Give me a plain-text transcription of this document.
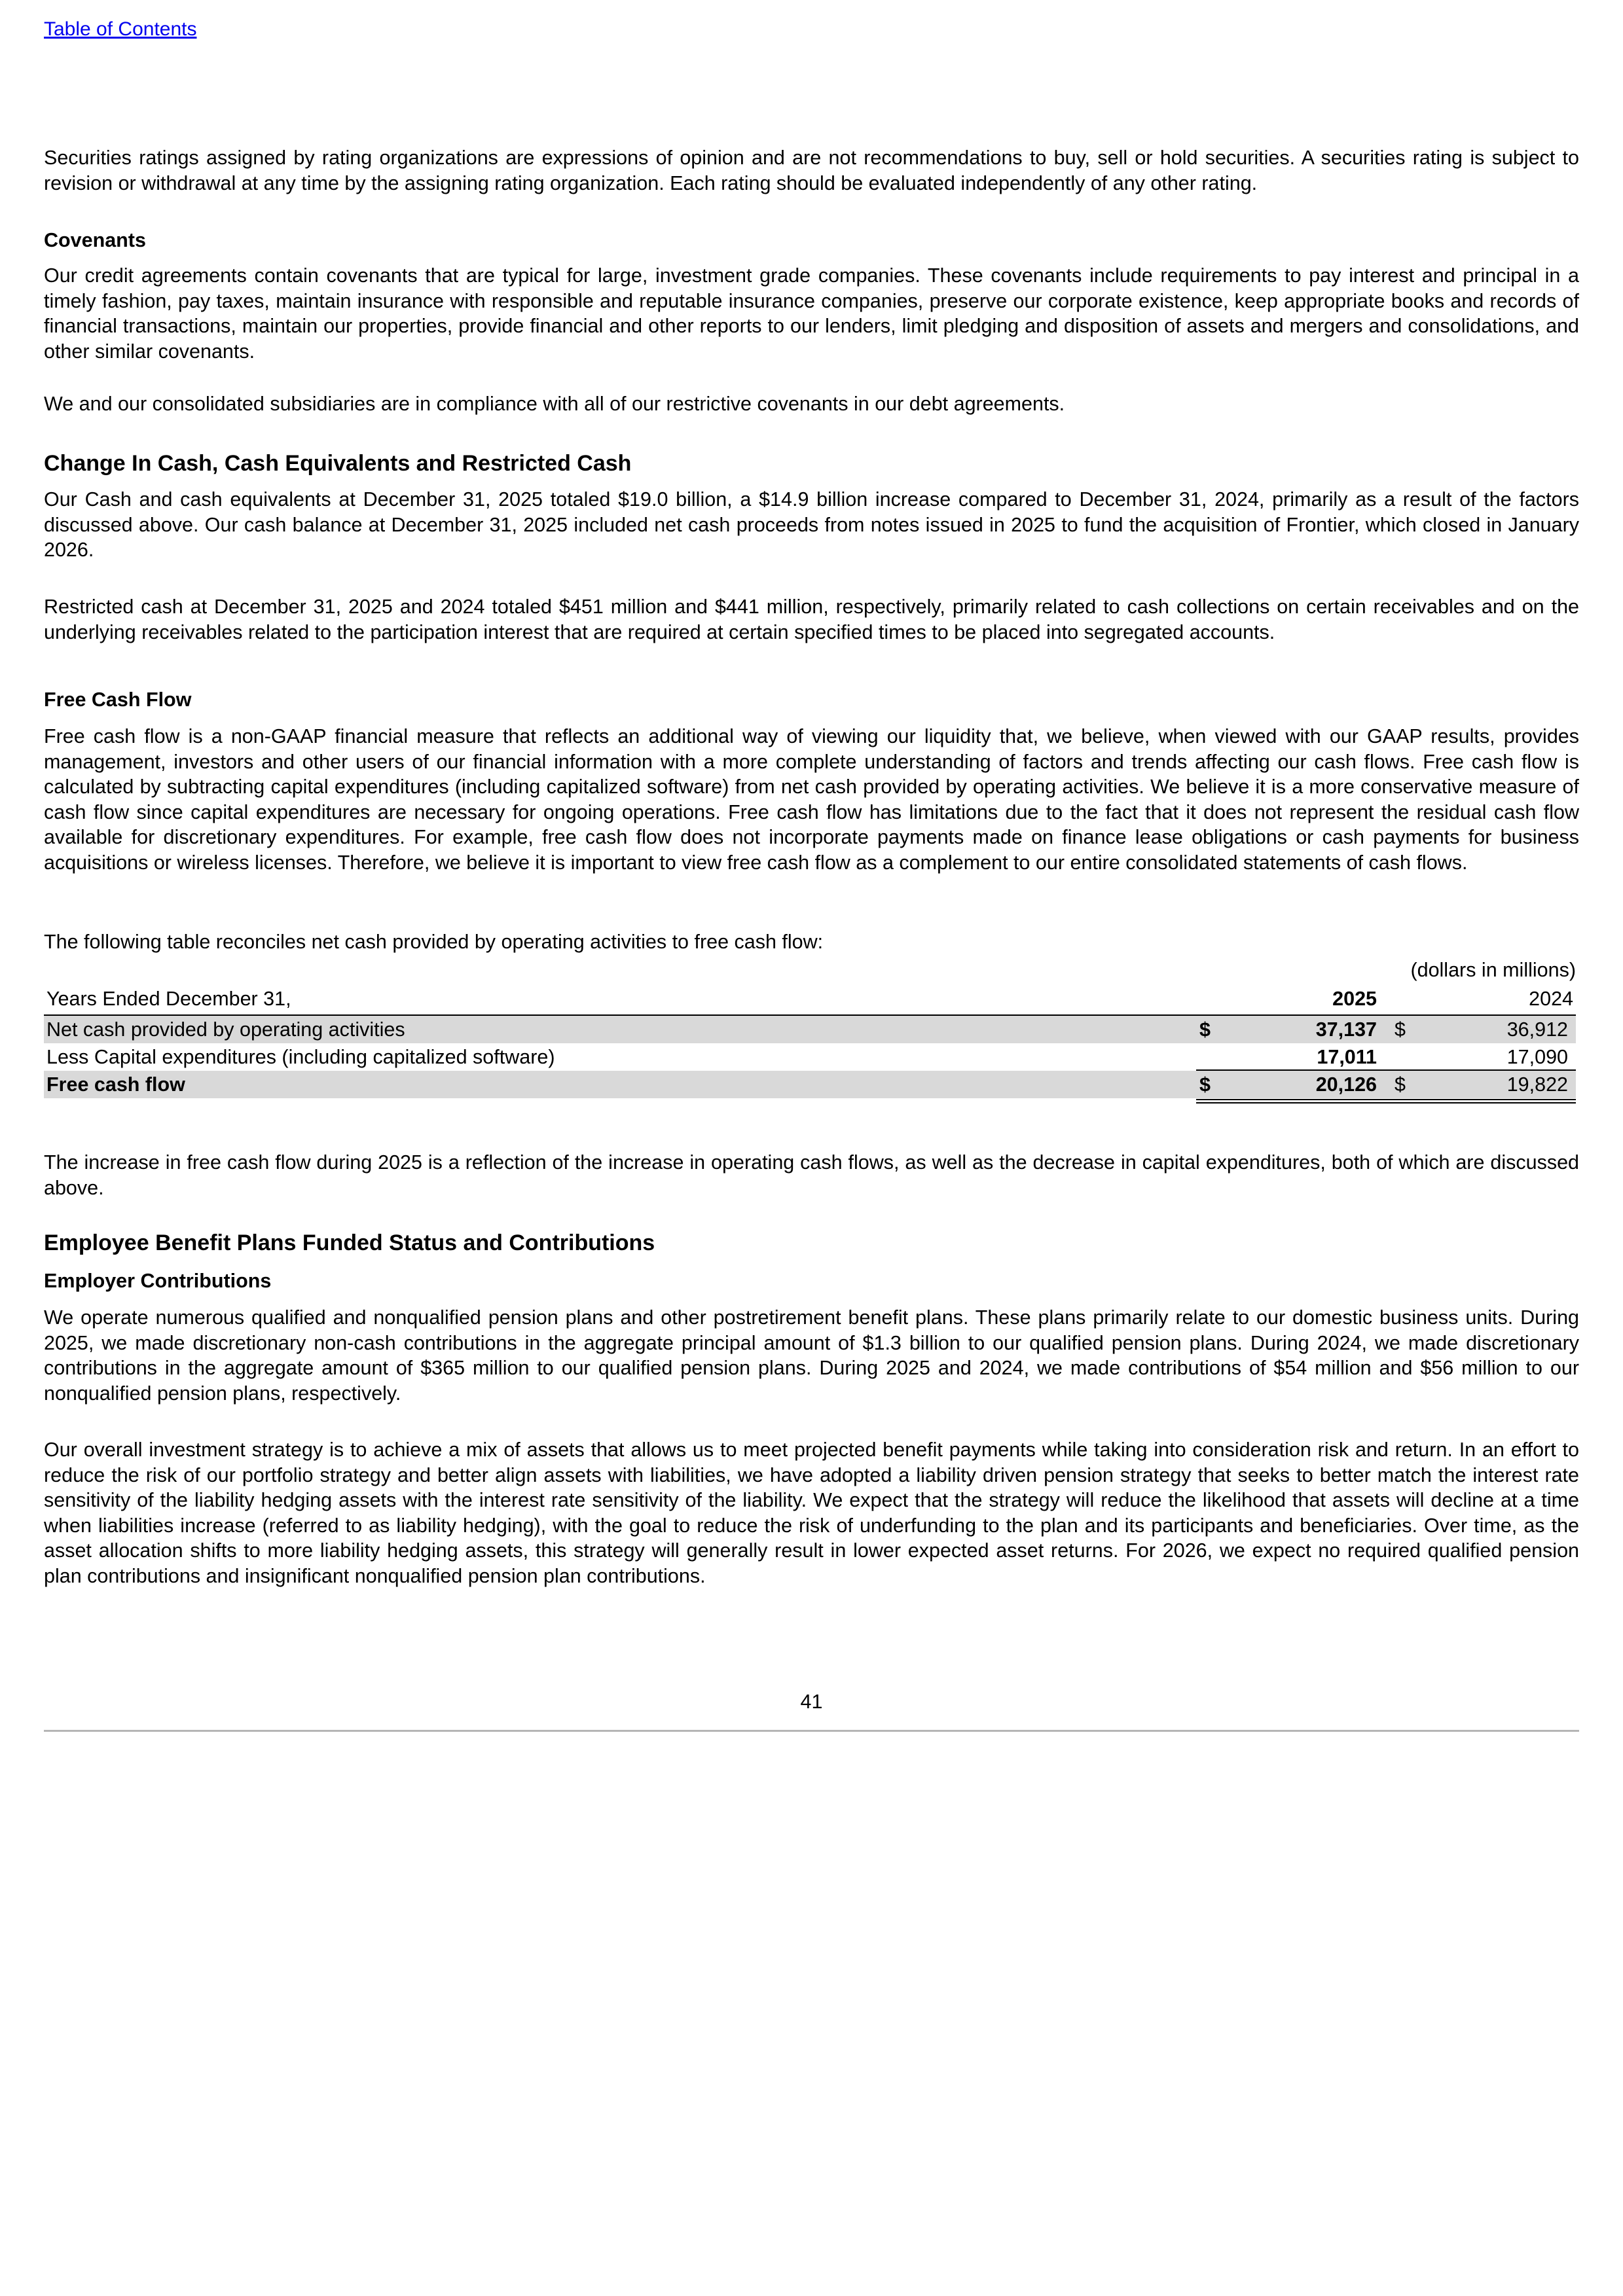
Table of Contents

Securities ratings assigned by rating organizations are expressions of opinion and are not recommendations to buy, sell or hold securities. A securities rating is subject to revision or withdrawal at any time by the assigning rating organization. Each rating should be evaluated independently of any other rating.

Covenants

Our credit agreements contain covenants that are typical for large, investment grade companies. These covenants include requirements to pay interest and principal in a timely fashion, pay taxes, maintain insurance with responsible and reputable insurance companies, preserve our corporate existence, keep appropriate books and records of financial transactions, maintain our properties, provide financial and other reports to our lenders, limit pledging and disposition of assets and mergers and consolidations, and other similar covenants.

We and our consolidated subsidiaries are in compliance with all of our restrictive covenants in our debt agreements.

Change In Cash, Cash Equivalents and Restricted Cash

Our Cash and cash equivalents at December 31, 2025 totaled $19.0 billion, a $14.9 billion increase compared to December 31, 2024, primarily as a result of the factors discussed above. Our cash balance at December 31, 2025 included net cash proceeds from notes issued in 2025 to fund the acquisition of Frontier, which closed in January 2026.

Restricted cash at December 31, 2025 and 2024 totaled $451 million and $441 million, respectively, primarily related to cash collections on certain receivables and on the underlying receivables related to the participation interest that are required at certain specified times to be placed into segregated accounts.

Free Cash Flow

Free cash flow is a non-GAAP financial measure that reflects an additional way of viewing our liquidity that, we believe, when viewed with our GAAP results, provides management, investors and other users of our financial information with a more complete understanding of factors and trends affecting our cash flows. Free cash flow is calculated by subtracting capital expenditures (including capitalized software) from net cash provided by operating activities. We believe it is a more conservative measure of cash flow since capital expenditures are necessary for ongoing operations. Free cash flow has limitations due to the fact that it does not represent the residual cash flow available for discretionary expenditures. For example, free cash flow does not incorporate payments made on finance lease obligations or cash payments for business acquisitions or wireless licenses. Therefore, we believe it is important to view free cash flow as a complement to our entire consolidated statements of cash flows.

The following table reconciles net cash provided by operating activities to free cash flow:

(dollars in millions)
Years Ended December 31,	2025	2024
Net cash provided by operating activities	$	37,137 $	36,912
Less Capital expenditures (including capitalized software)	17,011	17,090
Free cash flow	$	20,126 $	19,822

The increase in free cash flow during 2025 is a reflection of the increase in operating cash flows, as well as the decrease in capital expenditures, both of which are discussed above.

Employee Benefit Plans Funded Status and Contributions
Employer Contributions

We operate numerous qualified and nonqualified pension plans and other postretirement benefit plans. These plans primarily relate to our domestic business units. During 2025, we made discretionary non-cash contributions in the aggregate principal amount of $1.3 billion to our qualified pension plans. During 2024, we made discretionary contributions in the aggregate amount of $365 million to our qualified pension plans. During 2025 and 2024, we made contributions of $54 million and $56 million to our nonqualified pension plans, respectively.

Our overall investment strategy is to achieve a mix of assets that allows us to meet projected benefit payments while taking into consideration risk and return. In an effort to reduce the risk of our portfolio strategy and better align assets with liabilities, we have adopted a liability driven pension strategy that seeks to better match the interest rate sensitivity of the liability hedging assets with the interest rate sensitivity of the liability. We expect that the strategy will reduce the likelihood that assets will decline at a time when liabilities increase (referred to as liability hedging), with the goal to reduce the risk of underfunding to the plan and its participants and beneficiaries. Over time, as the asset allocation shifts to more liability hedging assets, this strategy will generally result in lower expected asset returns. For 2026, we expect no required qualified pension plan contributions and insignificant nonqualified pension plan contributions.

41
